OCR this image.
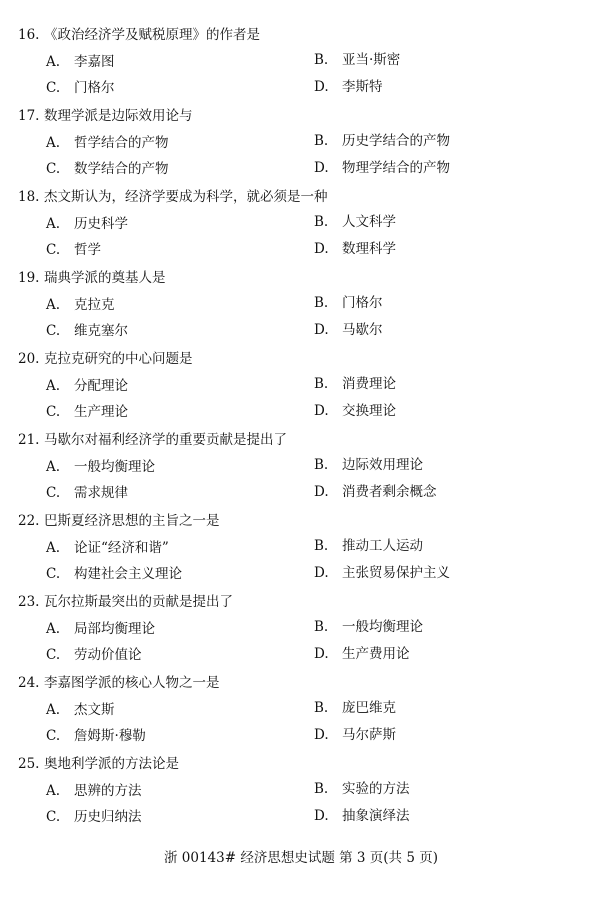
16. 《政治经济学及赋税原理》的作者是
A. 李嘉图	B. 亚当·斯密
C. 门格尔	D. 李斯特
17. 数理学派是边际效用论与
A. 哲学结合的产物	B. 历史学结合的产物
C. 数学结合的产物	D. 物理学结合的产物
18. 杰文斯认为，经济学要成为科学，就必须是一种
A. 历史科学	B. 人文科学
C. 哲学	D. 数理科学
19. 瑞典学派的奠基人是
A. 克拉克	B. 门格尔
C. 维克塞尔	D. 马歇尔
20. 克拉克研究的中心问题是
A. 分配理论	B. 消费理论
C. 生产理论	D. 交换理论
21. 马歇尔对福利经济学的重要贡献是提出了
A. 一般均衡理论	B. 边际效用理论
C. 需求规律	D. 消费者剩余概念
22. 巴斯夏经济思想的主旨之一是
A. 论证“经济和谐”	B. 推动工人运动
C. 构建社会主义理论	D. 主张贸易保护主义
23. 瓦尔拉斯最突出的贡献是提出了
A. 局部均衡理论	B. 一般均衡理论
C. 劳动价值论	D. 生产费用论
24. 李嘉图学派的核心人物之一是
A. 杰文斯	B. 庞巴维克
C. 詹姆斯·穆勒	D. 马尔萨斯
25. 奥地利学派的方法论是
A. 思辨的方法	B. 实验的方法
C. 历史归纳法	D. 抽象演绎法
浙 00143# 经济思想史试题 第 3 页(共 5 页)
